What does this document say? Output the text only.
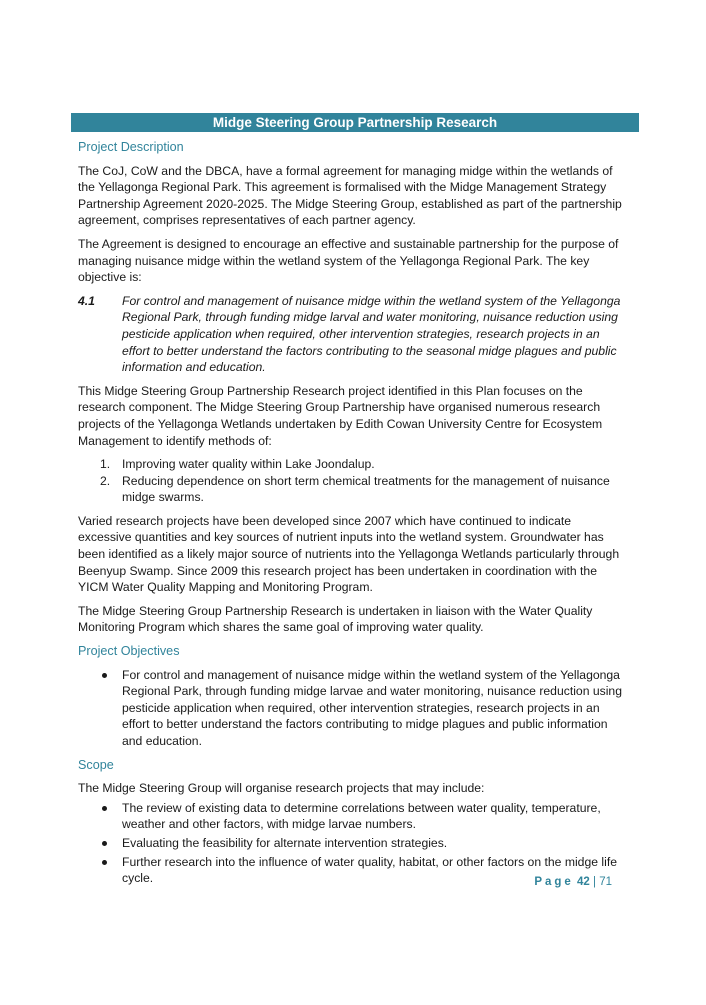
Midge Steering Group Partnership Research
Project Description

The CoJ, CoW and the DBCA, have a formal agreement for managing midge within the wetlands of the Yellagonga Regional Park. This agreement is formalised with the Midge Management Strategy Partnership Agreement 2020-2025. The Midge Steering Group, established as part of the partnership agreement, comprises representatives of each partner agency.

The Agreement is designed to encourage an effective and sustainable partnership for the purpose of managing nuisance midge within the wetland system of the Yellagonga Regional Park. The key objective is:

4.1	For control and management of nuisance midge within the wetland system of the Yellagonga Regional Park, through funding midge larval and water monitoring, nuisance reduction using pesticide application when required, other intervention strategies, research projects in an effort to better understand the factors contributing to the seasonal midge plagues and public information and education.

This Midge Steering Group Partnership Research project identified in this Plan focuses on the research component. The Midge Steering Group Partnership have organised numerous research projects of the Yellagonga Wetlands undertaken by Edith Cowan University Centre for Ecosystem Management to identify methods of:

1. Improving water quality within Lake Joondalup.
2. Reducing dependence on short term chemical treatments for the management of nuisance midge swarms.

Varied research projects have been developed since 2007 which have continued to indicate excessive quantities and key sources of nutrient inputs into the wetland system. Groundwater has been identified as a likely major source of nutrients into the Yellagonga Wetlands particularly through Beenyup Swamp. Since 2009 this research project has been undertaken in coordination with the YICM Water Quality Mapping and Monitoring Program.

The Midge Steering Group Partnership Research is undertaken in liaison with the Water Quality Monitoring Program which shares the same goal of improving water quality.

Project Objectives
For control and management of nuisance midge within the wetland system of the Yellagonga Regional Park, through funding midge larvae and water monitoring, nuisance reduction using pesticide application when required, other intervention strategies, research projects in an effort to better understand the factors contributing to midge plagues and public information and education.
Scope

The Midge Steering Group will organise research projects that may include:

The review of existing data to determine correlations between water quality, temperature, weather and other factors, with midge larvae numbers.
Evaluating the feasibility for alternate intervention strategies.
Further research into the influence of water quality, habitat, or other factors on the midge life cycle.	Page 42 | 71
